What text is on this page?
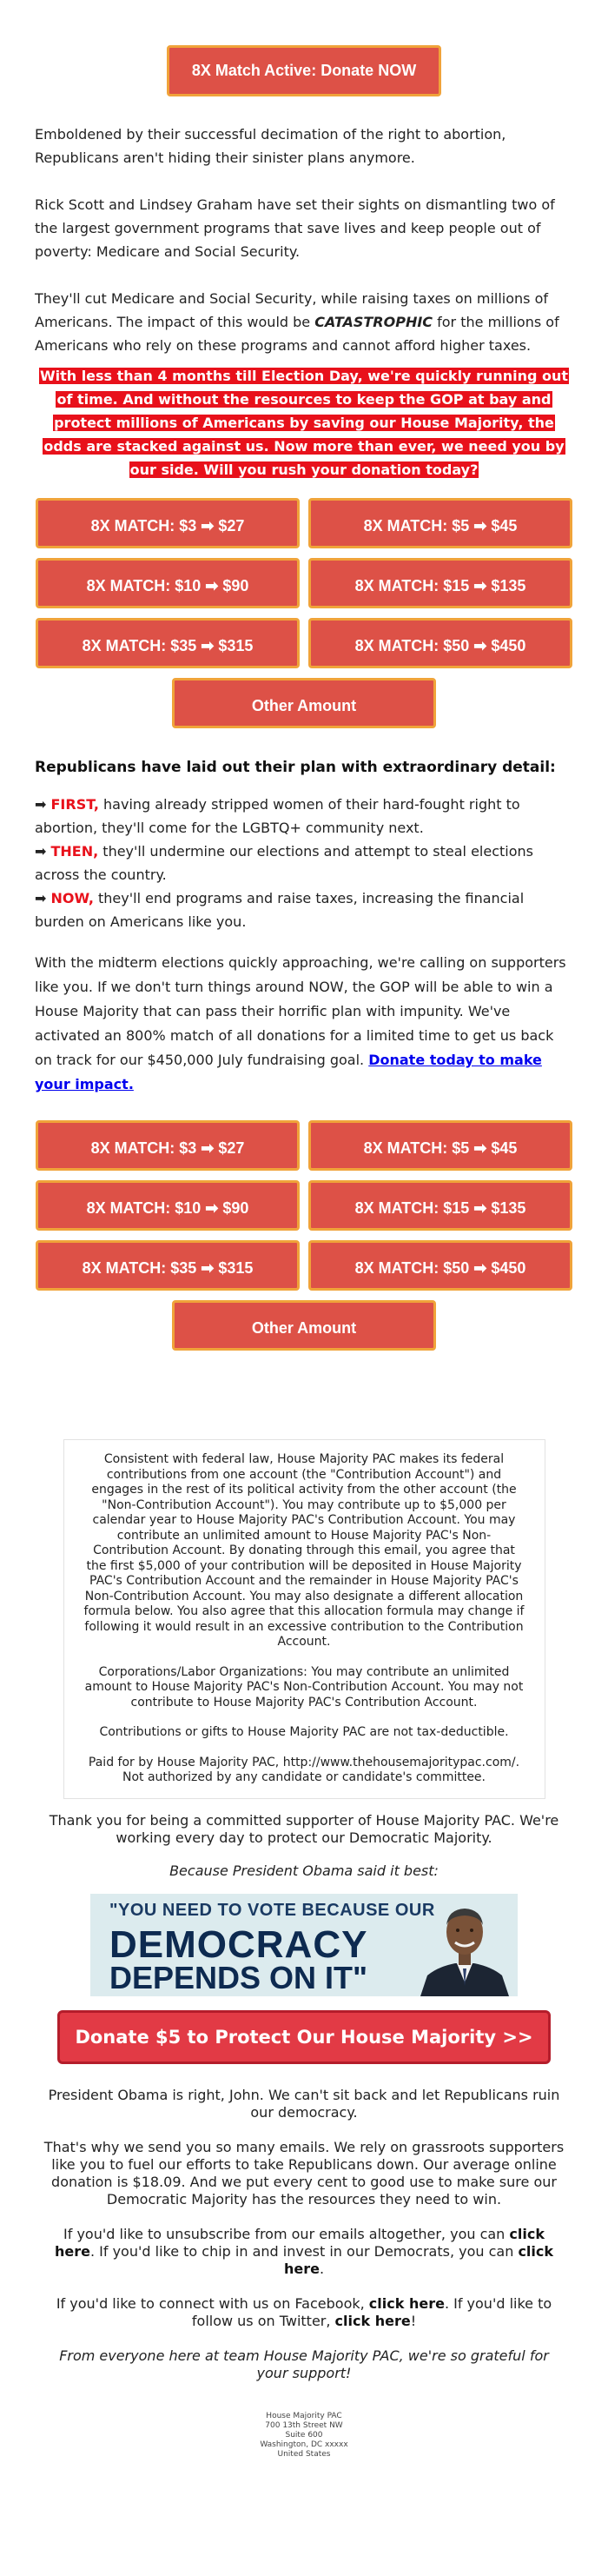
8X Match Active: Donate NOW

Emboldened by their successful decimation of the right to abortion, Republicans aren't hiding their sinister plans anymore.

Rick Scott and Lindsey Graham have set their sights on dismantling two of the largest government programs that save lives and keep people out of poverty: Medicare and Social Security.

They'll cut Medicare and Social Security, while raising taxes on millions of Americans. The impact of this would be CATASTROPHIC for the millions of Americans who rely on these programs and cannot afford higher taxes.

With less than 4 months till Election Day, we're quickly running out of time. And without the resources to keep the GOP at bay and protect millions of Americans by saving our House Majority, the odds are stacked against us. Now more than ever, we need you by our side. Will you rush your donation today?

8X MATCH: $3 ➡ $27	8X MATCH: $5 ➡ $45
8X MATCH: $10 ➡ $90	8X MATCH: $15 ➡ $135
8X MATCH: $35 ➡ $315	8X MATCH: $50 ➡ $450
Other Amount

Republicans have laid out their plan with extraordinary detail:

➡ FIRST, having already stripped women of their hard-fought right to abortion, they'll come for the LGBTQ+ community next.

➡ THEN, they'll undermine our elections and attempt to steal elections across the country.

➡ NOW, they'll end programs and raise taxes, increasing the financial burden on Americans like you.

With the midterm elections quickly approaching, we're calling on supporters like you. If we don't turn things around NOW, the GOP will be able to win a House Majority that can pass their horrific plan with impunity. We've activated an 800% match of all donations for a limited time to get us back on track for our $450,000 July fundraising goal. Donate today to make your impact.

8X MATCH: $3 ➡ $27	8X MATCH: $5 ➡ $45
8X MATCH: $10 ➡ $90	8X MATCH: $15 ➡ $135
8X MATCH: $35 ➡ $315	8X MATCH: $50 ➡ $450
Other Amount

Consistent with federal law, House Majority PAC makes its federal contributions from one account (the "Contribution Account") and engages in the rest of its political activity from the other account (the "Non-Contribution Account"). You may contribute up to $5,000 per calendar year to House Majority PAC's Contribution Account. You may contribute an unlimited amount to House Majority PAC's Non-Contribution Account. By donating through this email, you agree that the first $5,000 of your contribution will be deposited in House Majority PAC's Contribution Account and the remainder in House Majority PAC's Non-Contribution Account. You may also designate a different allocation formula below. You also agree that this allocation formula may change if following it would result in an excessive contribution to the Contribution Account.

Corporations/Labor Organizations: You may contribute an unlimited amount to House Majority PAC's Non-Contribution Account. You may not contribute to House Majority PAC's Contribution Account.

Contributions or gifts to House Majority PAC are not tax-deductible.

Paid for by House Majority PAC, http://www.thehousemajoritypac.com/. Not authorized by any candidate or candidate's committee.

Thank you for being a committed supporter of House Majority PAC. We're working every day to protect our Democratic Majority.

Because President Obama said it best:

"YOU NEED TO VOTE BECAUSE OUR
DEMOCRACY
DEPENDS ON IT"
Donate $5 to Protect Our House Majority >>

President Obama is right, John. We can't sit back and let Republicans ruin our democracy.

That's why we send you so many emails. We rely on grassroots supporters like you to fuel our efforts to take Republicans down. Our average online donation is $18.09. And we put every cent to good use to make sure our Democratic Majority has the resources they need to win.

If you'd like to unsubscribe from our emails altogether, you can click here. If you'd like to chip in and invest in our Democrats, you can click here.

If you'd like to connect with us on Facebook, click here. If you'd like to follow us on Twitter, click here!

From everyone here at team House Majority PAC, we're so grateful for your support!

House Majority PAC
700 13th Street NW
Suite 600
Washington, DC xxxxx
United States
